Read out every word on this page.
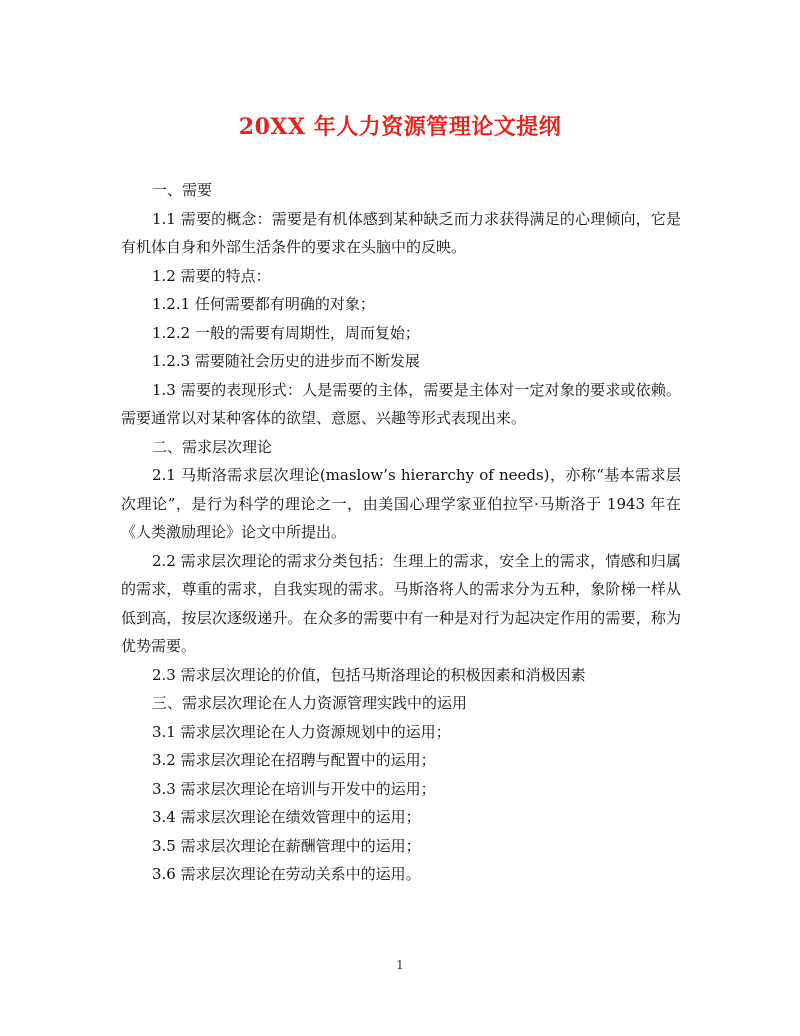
20XX 年人力资源管理论文提纲

一、需要

1.1 需要的概念：需要是有机体感到某种缺乏而力求获得满足的心理倾向，它是有机体自身和外部生活条件的要求在头脑中的反映。

1.2 需要的特点：

1.2.1 任何需要都有明确的对象；

1.2.2 一般的需要有周期性，周而复始；

1.2.3 需要随社会历史的进步而不断发展

1.3 需要的表现形式：人是需要的主体，需要是主体对一定对象的要求或依赖。需要通常以对某种客体的欲望、意愿、兴趣等形式表现出来。

二、需求层次理论

2.1 马斯洛需求层次理论(maslow’s hierarchy of needs)，亦称“基本需求层次理论”，是行为科学的理论之一，由美国心理学家亚伯拉罕·马斯洛于 1943 年在《人类激励理论》论文中所提出。

2.2 需求层次理论的需求分类包括：生理上的需求，安全上的需求，情感和归属的需求，尊重的需求，自我实现的需求。马斯洛将人的需求分为五种，象阶梯一样从低到高，按层次逐级递升。在众多的需要中有一种是对行为起决定作用的需要，称为优势需要。

2.3 需求层次理论的价值，包括马斯洛理论的积极因素和消极因素

三、需求层次理论在人力资源管理实践中的运用

3.1 需求层次理论在人力资源规划中的运用；

3.2 需求层次理论在招聘与配置中的运用；

3.3 需求层次理论在培训与开发中的运用；

3.4 需求层次理论在绩效管理中的运用；

3.5 需求层次理论在薪酬管理中的运用；

3.6 需求层次理论在劳动关系中的运用。

1
